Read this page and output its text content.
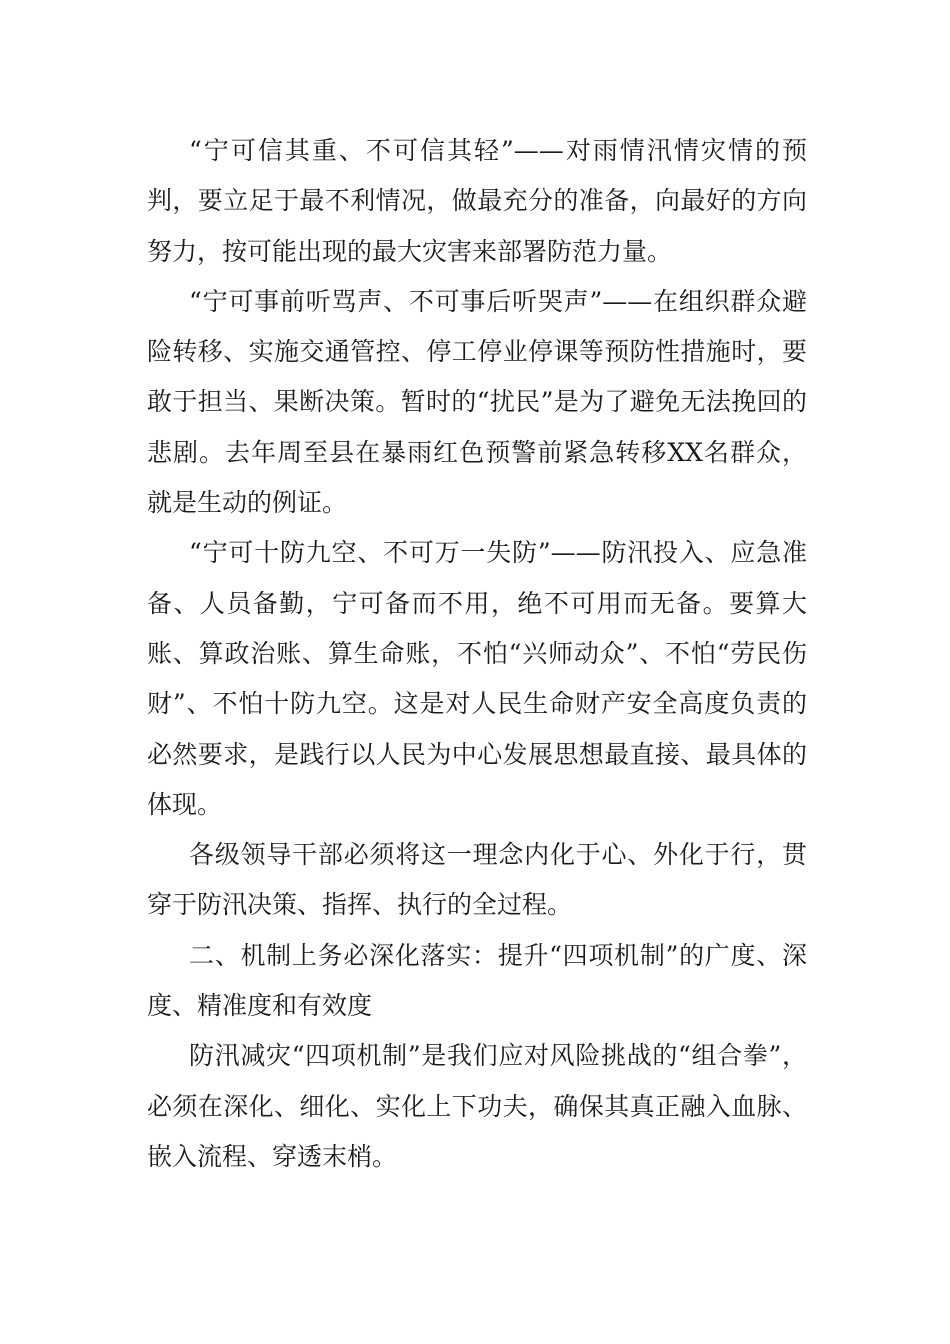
“宁可信其重、不可信其轻”——对雨情汛情灾情的预判，要立足于最不利情况，做最充分的准备，向最好的方向努力，按可能出现的最大灾害来部署防范力量。

“宁可事前听骂声、不可事后听哭声”——在组织群众避险转移、实施交通管控、停工停业停课等预防性措施时，要敢于担当、果断决策。暂时的“扰民”是为了避免无法挽回的悲剧。去年周至县在暴雨红色预警前紧急转移XX名群众，就是生动的例证。

“宁可十防九空、不可万一失防”——防汛投入、应急准备、人员备勤，宁可备而不用，绝不可用而无备。要算大账、算政治账、算生命账，不怕“兴师动众”、不怕“劳民伤财”、不怕十防九空。这是对人民生命财产安全高度负责的必然要求，是践行以人民为中心发展思想最直接、最具体的体现。

各级领导干部必须将这一理念内化于心、外化于行，贯穿于防汛决策、指挥、执行的全过程。

二、机制上务必深化落实：提升“四项机制”的广度、深度、精准度和有效度

防汛减灾“四项机制”是我们应对风险挑战的“组合拳”，必须在深化、细化、实化上下功夫，确保其真正融入血脉、嵌入流程、穿透末梢。
